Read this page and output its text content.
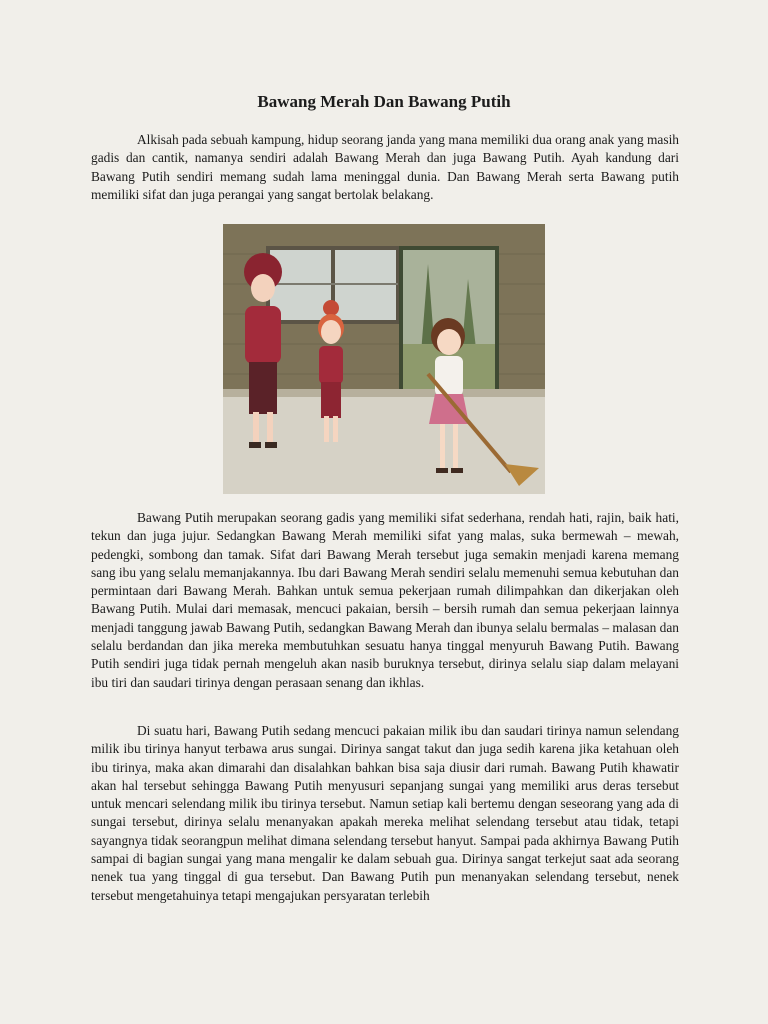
Bawang Merah Dan Bawang Putih

Alkisah pada sebuah kampung, hidup seorang janda yang mana memiliki dua orang anak yang masih gadis dan cantik, namanya sendiri adalah Bawang Merah dan juga Bawang Putih. Ayah kandung dari Bawang Putih sendiri memang sudah lama meninggal dunia. Dan Bawang Merah serta Bawang putih memiliki sifat dan juga perangai yang sangat bertolak belakang.

Bawang Putih merupakan seorang gadis yang memiliki sifat sederhana, rendah hati, rajin, baik hati, tekun dan juga jujur. Sedangkan Bawang Merah memiliki sifat yang malas, suka bermewah – mewah, pedengki, sombong dan tamak. Sifat dari Bawang Merah tersebut juga semakin menjadi karena memang sang ibu yang selalu memanjakannya. Ibu dari Bawang Merah sendiri selalu memenuhi semua kebutuhan dan permintaan dari Bawang Merah. Bahkan untuk semua pekerjaan rumah dilimpahkan dan dikerjakan oleh Bawang Putih. Mulai dari memasak, mencuci pakaian, bersih – bersih rumah dan semua pekerjaan lainnya menjadi tanggung jawab Bawang Putih, sedangkan Bawang Merah dan ibunya selalu bermalas – malasan dan selalu berdandan dan jika mereka membutuhkan sesuatu hanya tinggal menyuruh Bawang Putih. Bawang Putih sendiri juga tidak pernah mengeluh akan nasib buruknya tersebut, dirinya selalu siap dalam melayani ibu tiri dan saudari tirinya dengan perasaan senang dan ikhlas.

Di suatu hari, Bawang Putih sedang mencuci pakaian milik ibu dan saudari tirinya namun selendang milik ibu tirinya hanyut terbawa arus sungai. Dirinya sangat takut dan juga sedih karena jika ketahuan oleh ibu tirinya, maka akan dimarahi dan disalahkan bahkan bisa saja diusir dari rumah. Bawang Putih khawatir akan hal tersebut sehingga Bawang Putih menyusuri sepanjang sungai yang memiliki arus deras tersebut untuk mencari selendang milik ibu tirinya tersebut. Namun setiap kali bertemu dengan seseorang yang ada di sungai tersebut, dirinya selalu menanyakan apakah mereka melihat selendang tersebut atau tidak, tetapi sayangnya tidak seorangpun melihat dimana selendang tersebut hanyut. Sampai pada akhirnya Bawang Putih sampai di bagian sungai yang mana mengalir ke dalam sebuah gua. Dirinya sangat terkejut saat ada seorang nenek tua yang tinggal di gua tersebut. Dan Bawang Putih pun menanyakan selendang tersebut, nenek tersebut mengetahuinya tetapi mengajukan persyaratan terlebih
